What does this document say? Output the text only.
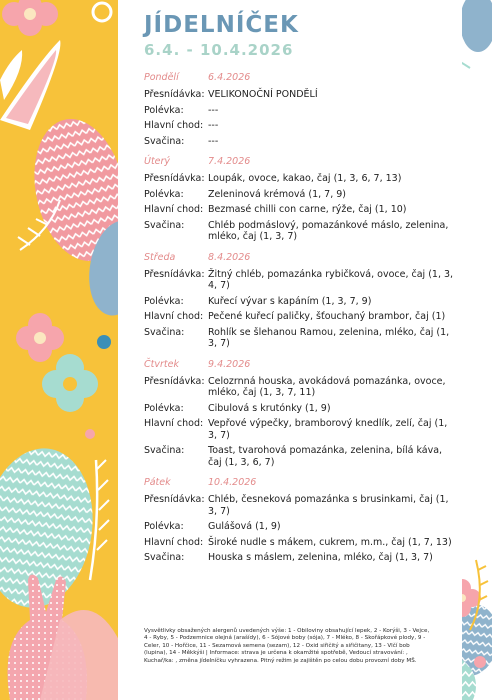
JÍDELNÍČEK
6.4. - 10.4.2026
Pondělí	6.4.2026
Přesnídávka: VELIKONOČNÍ PONDĚLÍ
Polévka:	---
Hlavní chod: ---
Svačina:	---
Úterý	7.4.2026
Přesnídávka: Loupák, ovoce, kakao, čaj (1, 3, 6, 7, 13)
Polévka:	Zeleninová krémová (1, 7, 9)
Hlavní chod: Bezmasé chilli con carne, rýže, čaj (1, 10)
Svačina:	Chléb podmáslový, pomazánkové máslo, zelenina, mléko, čaj (1, 3, 7)
Středa	8.4.2026
Přesnídávka: Žitný chléb, pomazánka rybičková, ovoce, čaj (1, 3, 4, 7)
Polévka:	Kuřecí vývar s kapáním (1, 3, 7, 9)
Hlavní chod: Pečené kuřecí paličky, šťouchaný brambor, čaj (1)
Svačina:	Rohlík se šlehanou Ramou, zelenina, mléko, čaj (1, 3, 7)
Čtvrtek	9.4.2026
Přesnídávka: Celozrnná houska, avokádová pomazánka, ovoce, mléko, čaj (1, 3, 7, 11)
Polévka:	Cibulová s krutónky (1, 9)
Hlavní chod: Vepřové výpečky, bramborový knedlík, zelí, čaj (1, 3, 7)
Svačina:	Toast, tvarohová pomazánka, zelenina, bílá káva, čaj (1, 3, 6, 7)
Pátek	10.4.2026
Přesnídávka: Chléb, česneková pomazánka s brusinkami, čaj (1, 3, 7)
Polévka:	Gulášová (1, 9)
Hlavní chod: Široké nudle s mákem, cukrem, m.m., čaj (1, 7, 13)
Svačina:	Houska s máslem, zelenina, mléko, čaj (1, 3, 7)
Vysvětlivky obsažených alergenů uvedených výše: 1 - Obiloviny obsahující lepek, 2 - Korýši, 3 - Vejce, 4 - Ryby, 5 - Podzemnice olejná (arašídy), 6 - Sójové boby (sója), 7 - Mléko, 8 - Skořápkové plody, 9 - Celer, 10 - Hořčice, 11 - Sezamová semena (sezam), 12 - Oxid siřičitý a siřičitany, 13 - Vlčí bob (lupina), 14 - Měkkýši | Informace: strava je určena k okamžité spotřebě, Vedoucí stravování: , Kuchař/ka: , změna jídelníčku vyhrazena. Pitný režim je zajištěn po celou dobu provozní doby MŠ.
